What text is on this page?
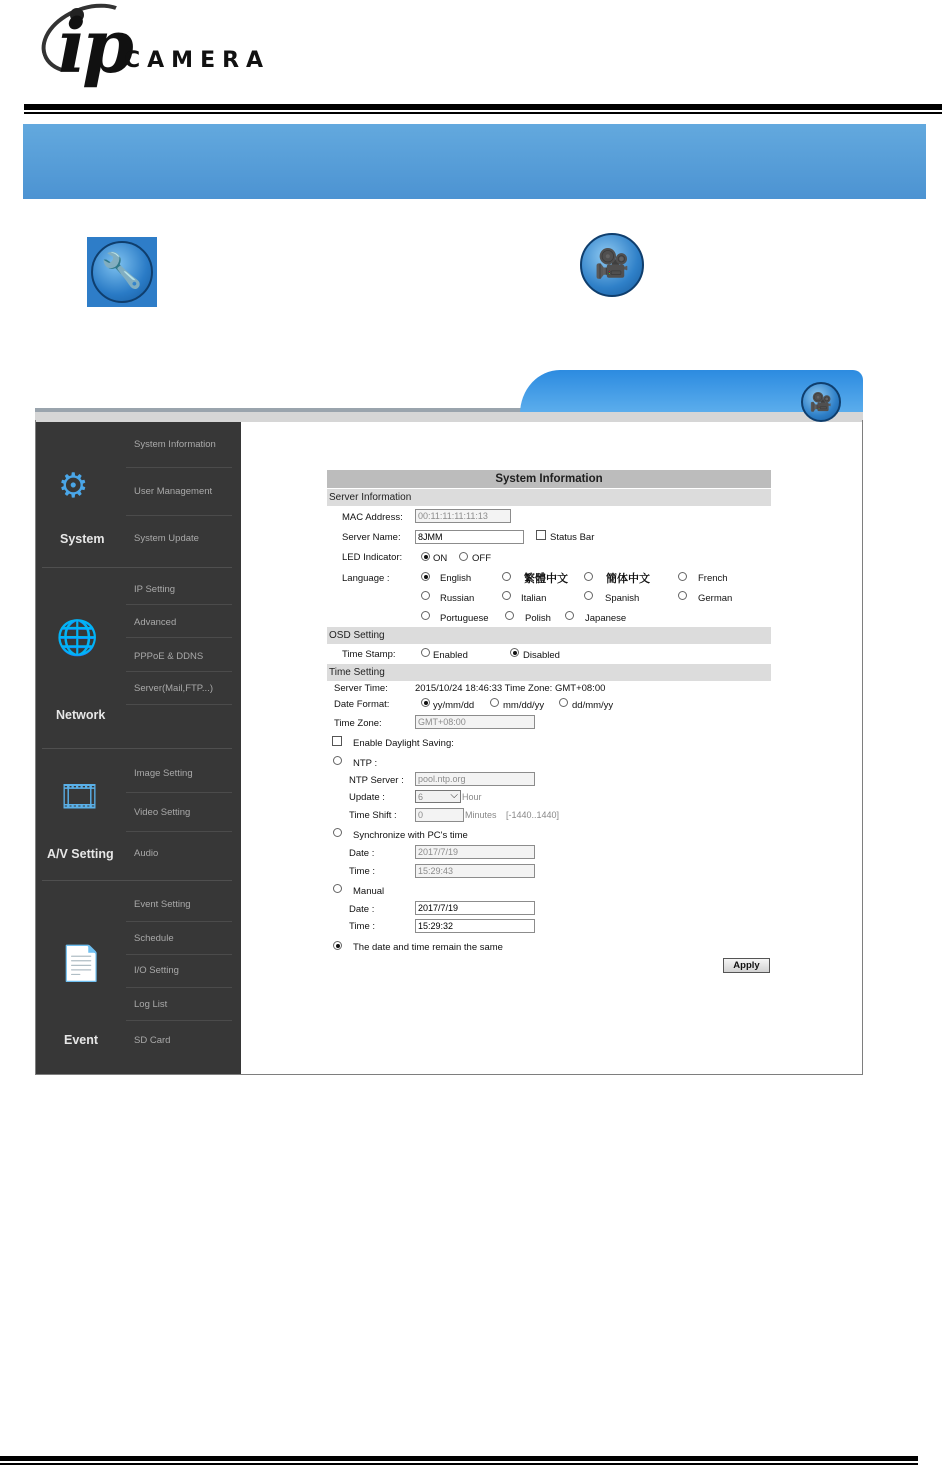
ip
CAMERA
🔧	🎥
🎥
⚙
System
System Information
User Management
System Update
🌐
Network
IP Setting
Advanced
PPPoE & DDNS
Server(Mail,FTP...)
🎞
A/V Setting
Image Setting
Video Setting
Audio
📄
Event
Event Setting
Schedule
I/O Setting
Log List
SD Card
System Information
Server Information
MAC Address:	00:11:11:11:11:13
Server Name:	8JMM	Status Bar
LED Indicator:	ON	OFF
Language :	English	繁體中文	簡体中文	French
Russian	Italian	Spanish	German
Portuguese	Polish	Japanese
OSD Setting
Time Stamp:	Enabled	Disabled
Time Setting
Server Time:	2015/10/24 18:46:33 Time Zone: GMT+08:00
Date Format:	yy/mm/dd	mm/dd/yy	dd/mm/yy
Time Zone:	GMT+08:00
Enable Daylight Saving:
NTP :
NTP Server :	pool.ntp.org
Update :	6	⌵ Hour
Time Shift :	0	Minutes [-1440..1440]
Synchronize with PC's time
Date :	2017/7/19
Time :	15:29:43
Manual
Date :	2017/7/19
Time :	15:29:32
The date and time remain the same
Apply
